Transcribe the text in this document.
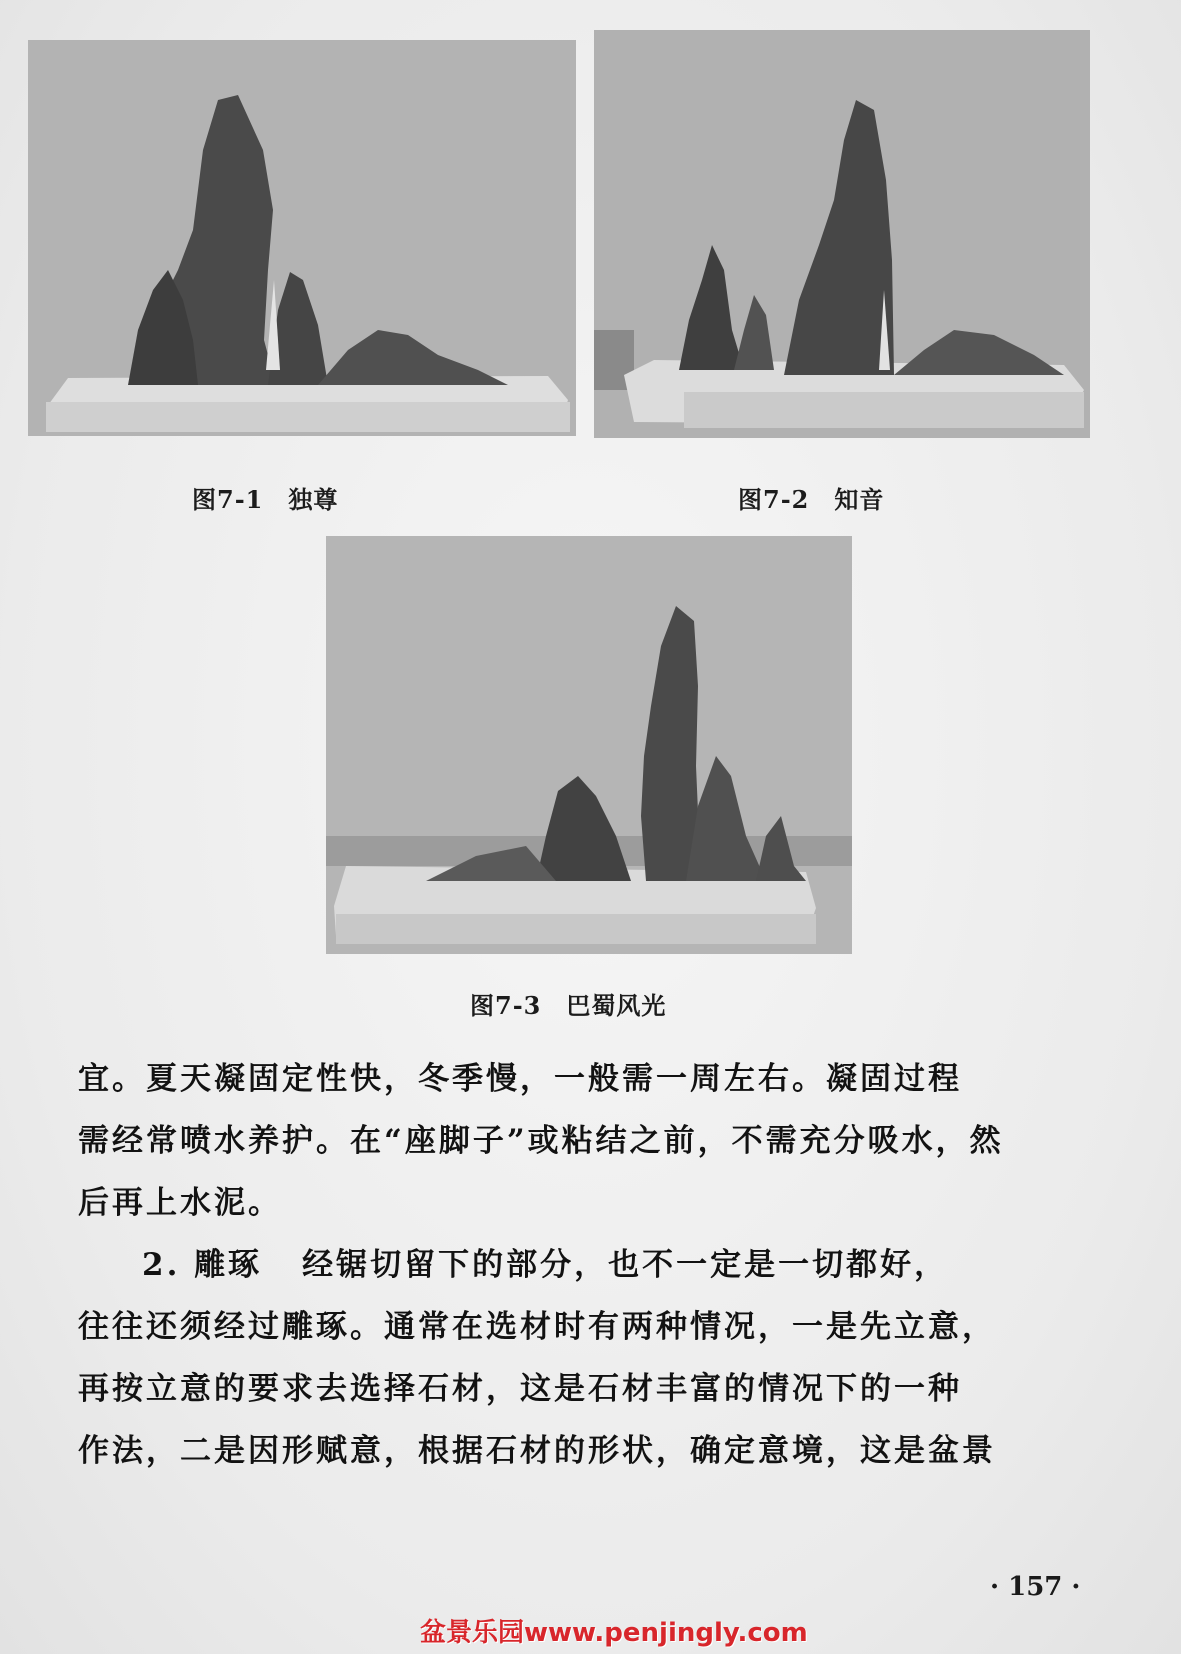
图7-1　独尊	图7-2　知音
图7-3　巴蜀风光
宜。夏天凝固定性快，冬季慢，一般需一周左右。凝固过程
需经常喷水养护。在“座脚子”或粘结之前，不需充分吸水，然
后再上水泥。
2. 雕琢 经锯切留下的部分，也不一定是一切都好，
往往还须经过雕琢。通常在选材时有两种情况，一是先立意，
再按立意的要求去选择石材，这是石材丰富的情况下的一种
作法，二是因形赋意，根据石材的形状，确定意境，这是盆景
· 157 ·
盆景乐园www.penjingly.com
